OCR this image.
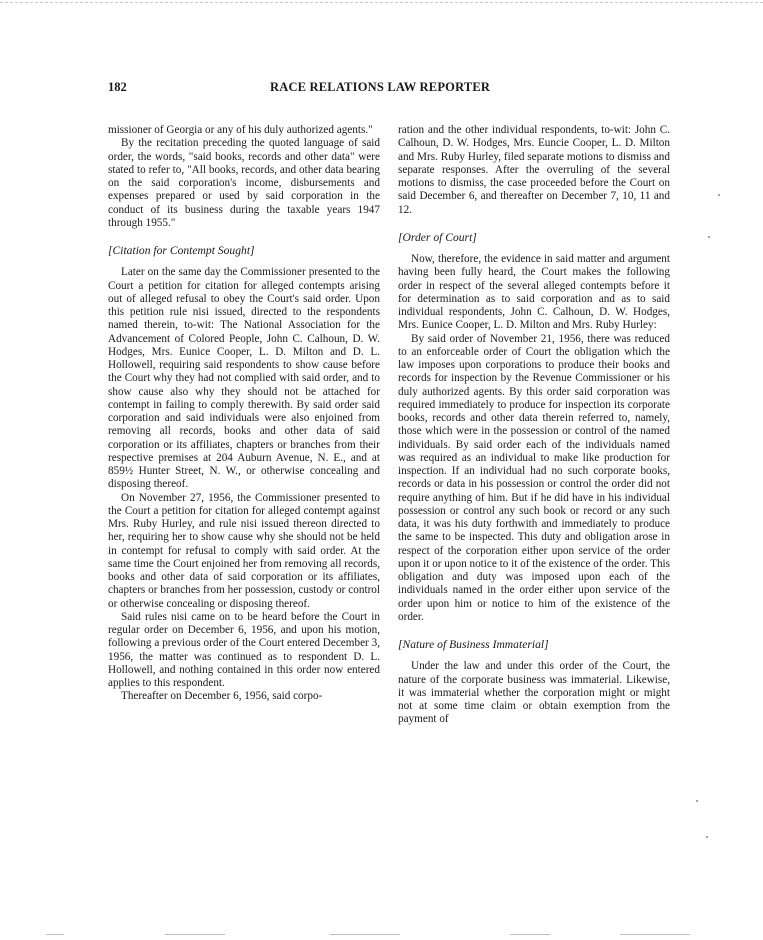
182	RACE RELATIONS LAW REPORTER

missioner of Georgia or any of his duly authorized agents."

By the recitation preceding the quoted language of said order, the words, "said books, records and other data" were stated to refer to, "All books, records, and other data bearing on the said corporation's income, disbursements and expenses prepared or used by said corporation in the conduct of its business during the taxable years 1947 through 1955."

[Citation for Contempt Sought]

Later on the same day the Commissioner presented to the Court a petition for citation for alleged contempts arising out of alleged refusal to obey the Court's said order. Upon this petition rule nisi issued, directed to the respondents named therein, to-wit: The National Association for the Advancement of Colored People, John C. Calhoun, D. W. Hodges, Mrs. Eunice Cooper, L. D. Milton and D. L. Hollowell, requiring said respondents to show cause before the Court why they had not complied with said order, and to show cause also why they should not be attached for contempt in failing to comply therewith. By said order said corporation and said individuals were also enjoined from removing all records, books and other data of said corporation or its affiliates, chapters or branches from their respective premises at 204 Auburn Avenue, N. E., and at 859½ Hunter Street, N. W., or otherwise concealing and disposing thereof.

On November 27, 1956, the Commissioner presented to the Court a petition for citation for alleged contempt against Mrs. Ruby Hurley, and rule nisi issued thereon directed to her, requiring her to show cause why she should not be held in contempt for refusal to comply with said order. At the same time the Court enjoined her from removing all records, books and other data of said corporation or its affiliates, chapters or branches from her possession, custody or control or otherwise concealing or disposing thereof.

Said rules nisi came on to be heard before the Court in regular order on December 6, 1956, and upon his motion, following a previous order of the Court entered December 3, 1956, the matter was continued as to respondent D. L. Hollowell, and nothing contained in this order now entered applies to this respondent.

Thereafter on December 6, 1956, said corpo-

ration and the other individual respondents, to-wit: John C. Calhoun, D. W. Hodges, Mrs. Euncie Cooper, L. D. Milton and Mrs. Ruby Hurley, filed separate motions to dismiss and separate responses. After the overruling of the several motions to dismiss, the case proceeded before the Court on said December 6, and thereafter on December 7, 10, 11 and 12.

[Order of Court]

Now, therefore, the evidence in said matter and argument having been fully heard, the Court makes the following order in respect of the several alleged contempts before it for determination as to said corporation and as to said individual respondents, John C. Calhoun, D. W. Hodges, Mrs. Eunice Cooper, L. D. Milton and Mrs. Ruby Hurley:

By said order of November 21, 1956, there was reduced to an enforceable order of Court the obligation which the law imposes upon corporations to produce their books and records for inspection by the Revenue Commissioner or his duly authorized agents. By this order said corporation was required immediately to produce for inspection its corporate books, records and other data therein referred to, namely, those which were in the possession or control of the named individuals. By said order each of the individuals named was required as an individual to make like production for inspection. If an individual had no such corporate books, records or data in his possession or control the order did not require anything of him. But if he did have in his individual possession or control any such book or record or any such data, it was his duty forthwith and immediately to produce the same to be inspected. This duty and obligation arose in respect of the corporation either upon service of the order upon it or upon notice to it of the existence of the order. This obligation and duty was imposed upon each of the individuals named in the order either upon service of the order upon him or notice to him of the existence of the order.

[Nature of Business Immaterial]

Under the law and under this order of the Court, the nature of the corporate business was immaterial. Likewise, it was immaterial whether the corporation might or might not at some time claim or obtain exemption from the payment of
